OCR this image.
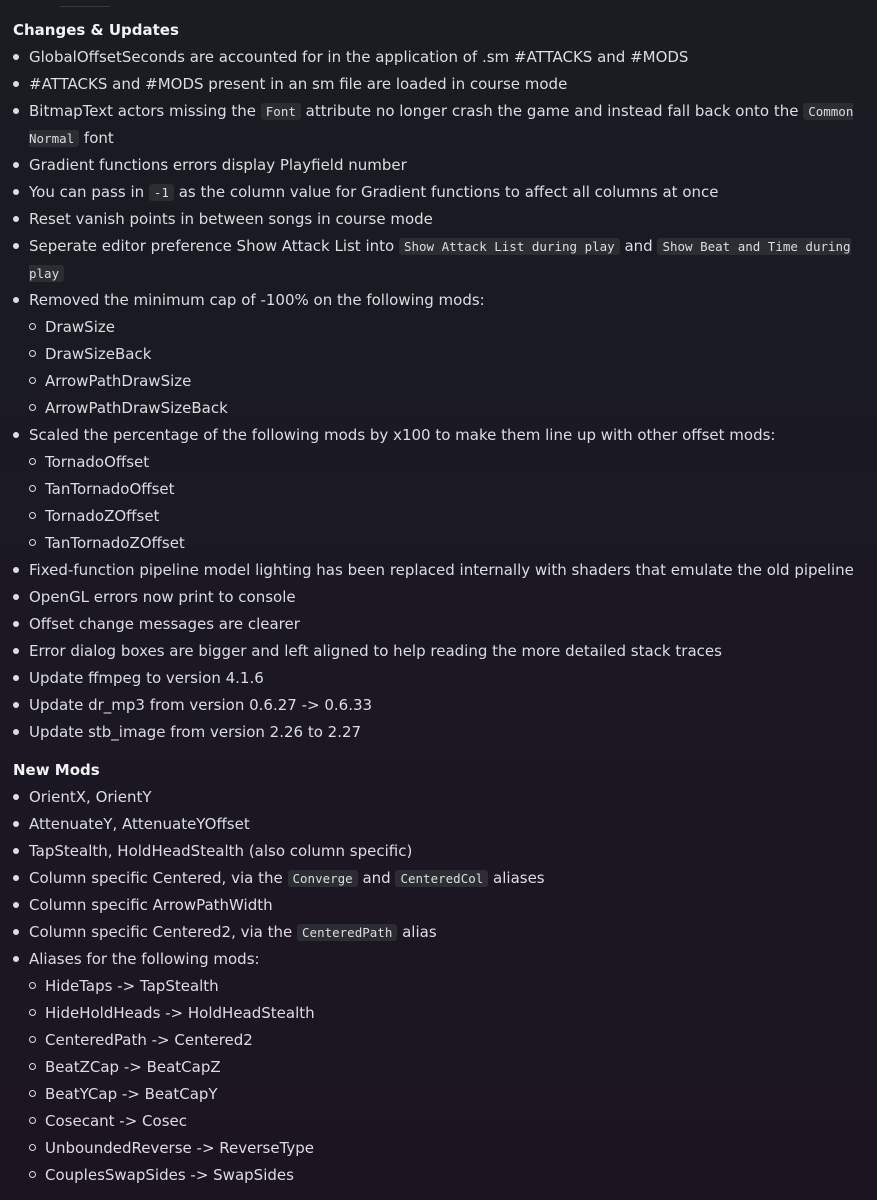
Changes & Updates
GlobalOffsetSeconds are accounted for in the application of .sm #ATTACKS and #MODS
#ATTACKS and #MODS present in an sm file are loaded in course mode
BitmapText actors missing the Font attribute no longer crash the game and instead fall back onto the Common Normal font
Gradient functions errors display Playfield number
You can pass in -1 as the column value for Gradient functions to affect all columns at once
Reset vanish points in between songs in course mode
Seperate editor preference Show Attack List into Show Attack List during play and Show Beat and Time during play
Removed the minimum cap of -100% on the following mods:
DrawSize
DrawSizeBack
ArrowPathDrawSize
ArrowPathDrawSizeBack
Scaled the percentage of the following mods by x100 to make them line up with other offset mods:
TornadoOffset
TanTornadoOffset
TornadoZOffset
TanTornadoZOffset
Fixed-function pipeline model lighting has been replaced internally with shaders that emulate the old pipeline
OpenGL errors now print to console
Offset change messages are clearer
Error dialog boxes are bigger and left aligned to help reading the more detailed stack traces
Update ffmpeg to version 4.1.6
Update dr_mp3 from version 0.6.27 -> 0.6.33
Update stb_image from version 2.26 to 2.27
New Mods
OrientX, OrientY
AttenuateY, AttenuateYOffset
TapStealth, HoldHeadStealth (also column specific)
Column specific Centered, via the Converge and CenteredCol aliases
Column specific ArrowPathWidth
Column specific Centered2, via the CenteredPath alias
Aliases for the following mods:
HideTaps -> TapStealth
HideHoldHeads -> HoldHeadStealth
CenteredPath -> Centered2
BeatZCap -> BeatCapZ
BeatYCap -> BeatCapY
Cosecant -> Cosec
UnboundedReverse -> ReverseType
CouplesSwapSides -> SwapSides
